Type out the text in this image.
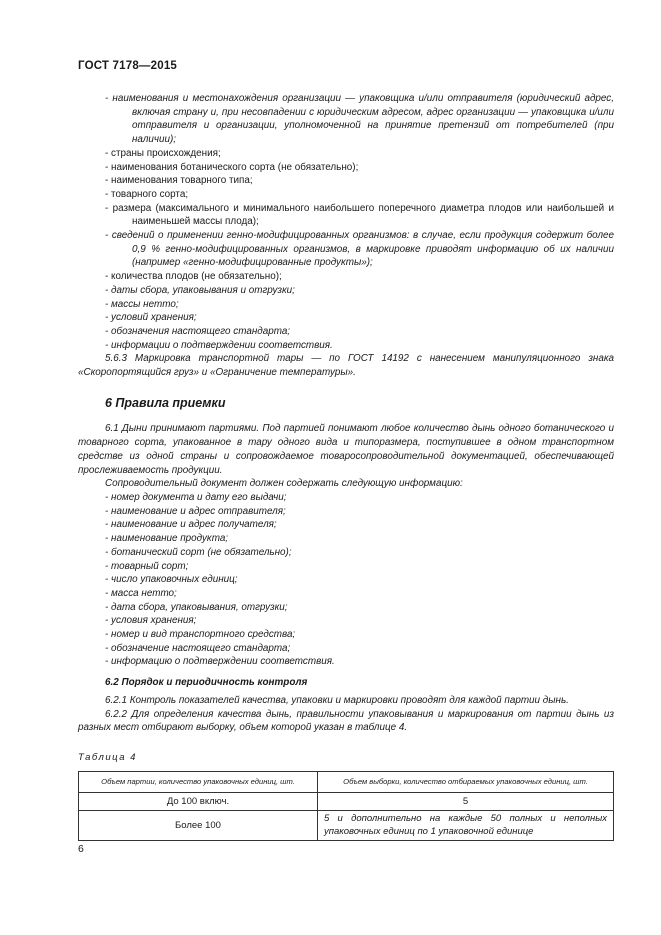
ГОСТ 7178—2015
- наименования и местонахождения организации — упаковщика и/или отправителя (юридический адрес, включая страну и, при несовпадении с юридическим адресом, адрес организации — упаковщика и/или отправителя и организации, уполномоченной на принятие претензий от потребителей (при наличии);
- страны происхождения;
- наименования ботанического сорта (не обязательно);
- наименования товарного типа;
- товарного сорта;
- размера (максимального и минимального наибольшего поперечного диаметра плодов или наибольшей и наименьшей массы плода);
- сведений о применении генно-модифицированных организмов: в случае, если продукция содержит более 0,9 % генно-модифицированных организмов, в маркировке приводят информацию об их наличии (например «генно-модифицированные продукты»);
- количества плодов (не обязательно);
- даты сбора, упаковывания и отгрузки;
- массы нетто;
- условий хранения;
- обозначения настоящего стандарта;
- информации о подтверждении соответствия.

5.6.3 Маркировка транспортной тары — по ГОСТ 14192 с нанесением манипуляционного знака «Скоропортящийся груз» и «Ограничение температуры».

6 Правила приемки

6.1 Дыни принимают партиями. Под партией понимают любое количество дынь одного ботанического и товарного сорта, упакованное в тару одного вида и типоразмера, поступившее в одном транспортном средстве из одной страны и сопровождаемое товаросопроводительной документацией, обеспечивающей прослеживаемость продукции.

Сопроводительный документ должен содержать следующую информацию:

- номер документа и дату его выдачи;
- наименование и адрес отправителя;
- наименование и адрес получателя;
- наименование продукта;
- ботанический сорт (не обязательно);
- товарный сорт;
- число упаковочных единиц;
- масса нетто;
- дата сбора, упаковывания, отгрузки;
- условия хранения;
- номер и вид транспортного средства;
- обозначение настоящего стандарта;
- информацию о подтверждении соответствия.
6.2 Порядок и периодичность контроля

6.2.1 Контроль показателей качества, упаковки и маркировки проводят для каждой партии дынь.

6.2.2 Для определения качества дынь, правильности упаковывания и маркирования от партии дынь из разных мест отбирают выборку, объем которой указан в таблице 4.

Таблица 4
Объем партии, количество упаковочных единиц, шт.	Объем выборки, количество отбираемых упаковочных единиц, шт.
До 100 включ.	5
Более 100	5 и дополнительно на каждые 50 полных и неполных упаковочных единиц по 1 упаковочной единице
6
